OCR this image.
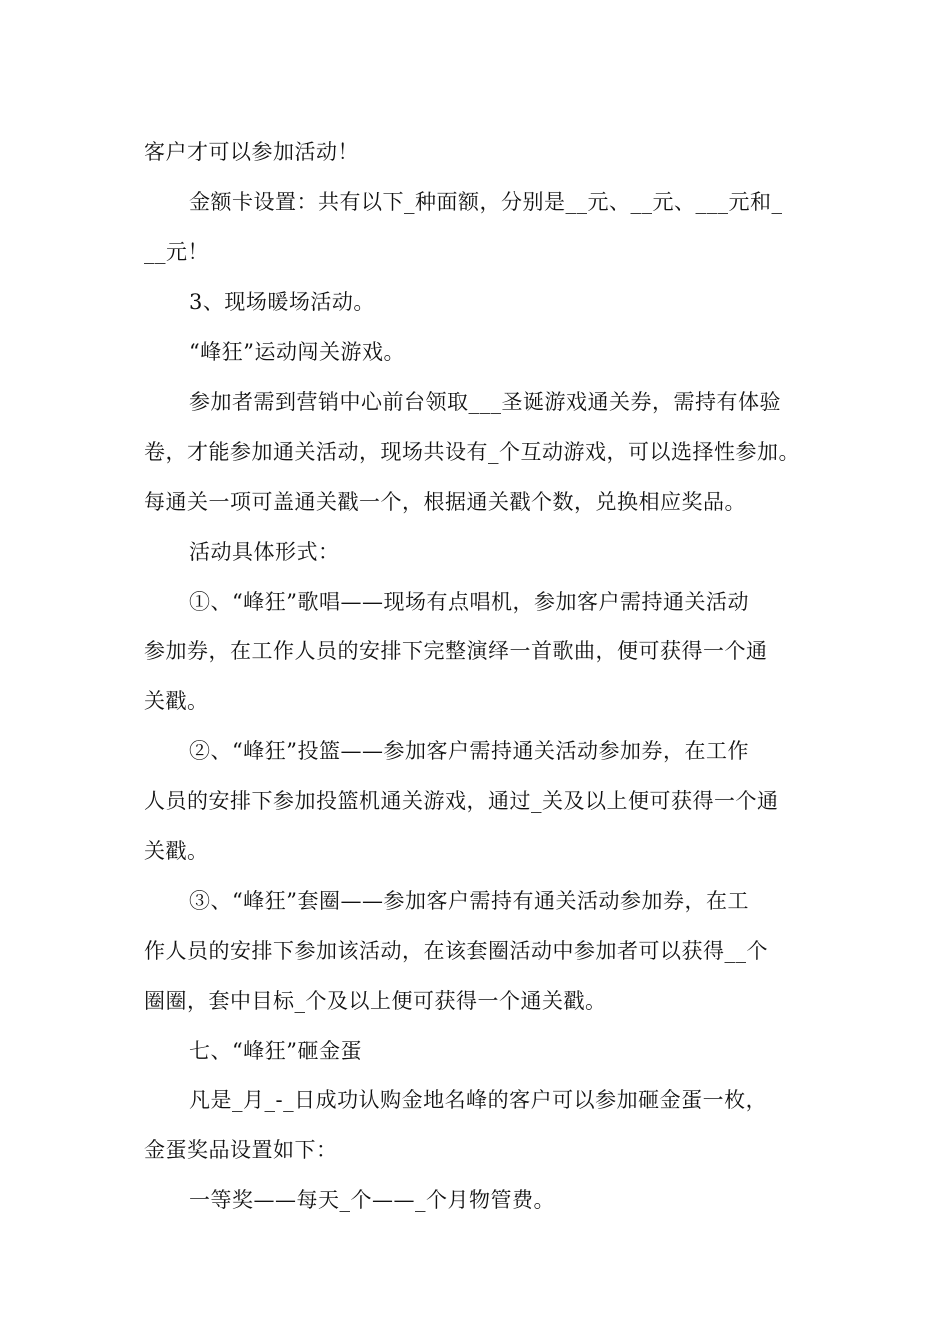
客户才可以参加活动！
金额卡设置：共有以下_种面额，分别是__元、__元、___元和_
__元！
3、现场暖场活动。
“峰狂”运动闯关游戏。
参加者需到营销中心前台领取___圣诞游戏通关券，需持有体验
卷，才能参加通关活动，现场共设有_个互动游戏，可以选择性参加。
每通关一项可盖通关戳一个，根据通关戳个数，兑换相应奖品。
活动具体形式：
①、“峰狂”歌唱——现场有点唱机，参加客户需持通关活动
参加券，在工作人员的安排下完整演绎一首歌曲，便可获得一个通
关戳。
②、“峰狂”投篮——参加客户需持通关活动参加券，在工作
人员的安排下参加投篮机通关游戏，通过_关及以上便可获得一个通
关戳。
③、“峰狂”套圈——参加客户需持有通关活动参加券，在工
作人员的安排下参加该活动，在该套圈活动中参加者可以获得__个
圈圈，套中目标_个及以上便可获得一个通关戳。
七、“峰狂”砸金蛋
凡是_月_-_日成功认购金地名峰的客户可以参加砸金蛋一枚，
金蛋奖品设置如下：
一等奖——每天_个——_个月物管费。
